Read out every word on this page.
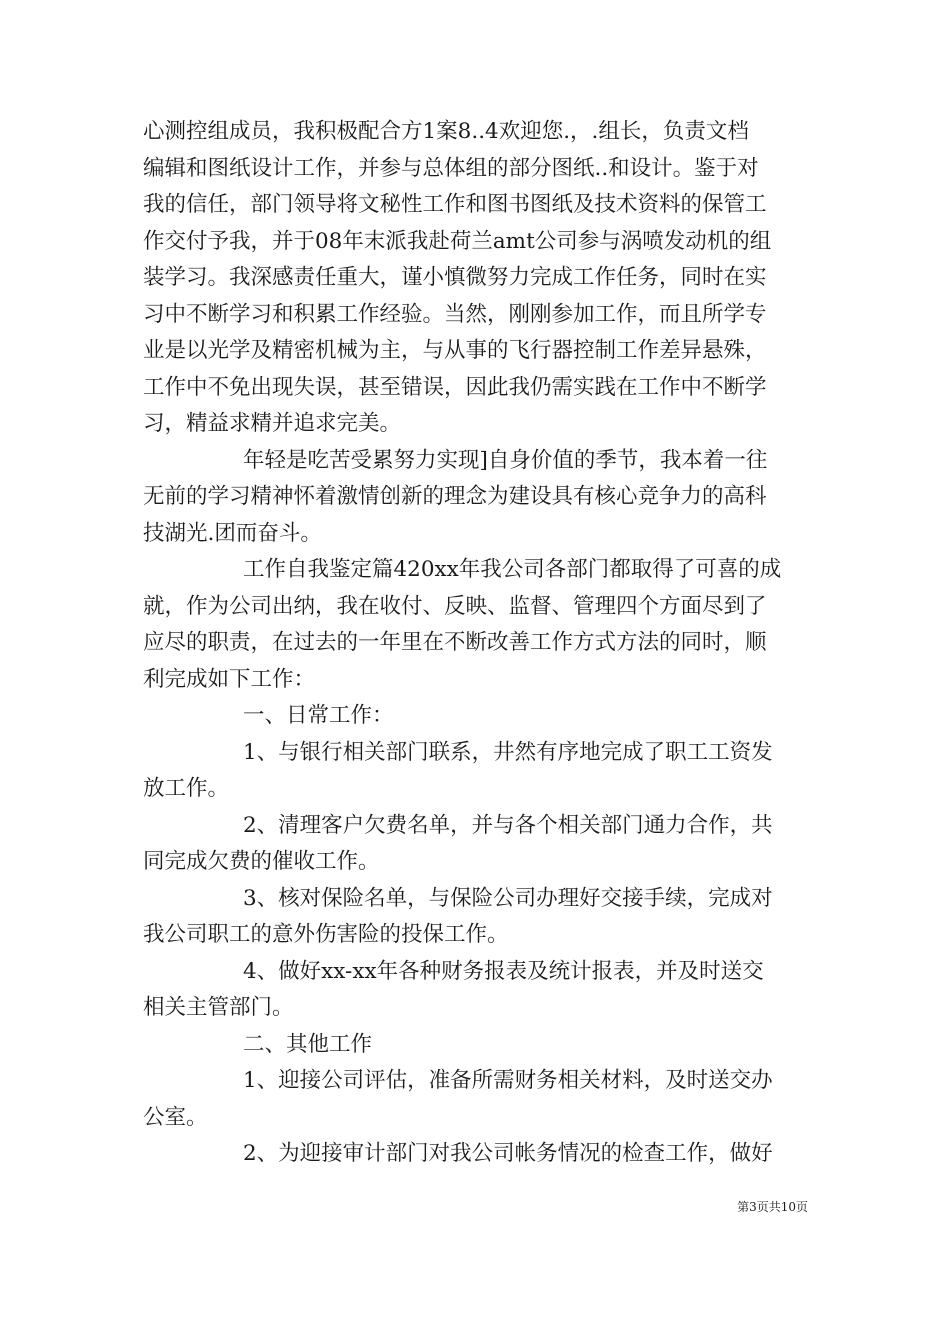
心测控组成员，我积极配合方1案8..4欢迎您.，.组长，负责文档
编辑和图纸设计工作，并参与总体组的部分图纸..和设计。鉴于对
我的信任，部门领导将文秘性工作和图书图纸及技术资料的保管工
作交付予我，并于08年末派我赴荷兰amt公司参与涡喷发动机的组
装学习。我深感责任重大，谨小慎微努力完成工作任务，同时在实
习中不断学习和积累工作经验。当然，刚刚参加工作，而且所学专
业是以光学及精密机械为主，与从事的飞行器控制工作差异悬殊，
工作中不免出现失误，甚至错误，因此我仍需实践在工作中不断学
习，精益求精并追求完美。

年轻是吃苦受累努力实现]自身价值的季节，我本着一往
无前的学习精神怀着激情创新的理念为建设具有核心竞争力的高科
技湖光.团而奋斗。

工作自我鉴定篇420xx年我公司各部门都取得了可喜的成
就，作为公司出纳，我在收付、反映、监督、管理四个方面尽到了
应尽的职责，在过去的一年里在不断改善工作方式方法的同时，顺
利完成如下工作：

一、日常工作：

1、与银行相关部门联系，井然有序地完成了职工工资发
放工作。

2、清理客户欠费名单，并与各个相关部门通力合作，共
同完成欠费的催收工作。

3、核对保险名单，与保险公司办理好交接手续，完成对
我公司职工的意外伤害险的投保工作。

4、做好xx-xx年各种财务报表及统计报表，并及时送交
相关主管部门。

二、其他工作

1、迎接公司评估，准备所需财务相关材料，及时送交办
公室。

2、为迎接审计部门对我公司帐务情况的检查工作，做好

第3页共10页
